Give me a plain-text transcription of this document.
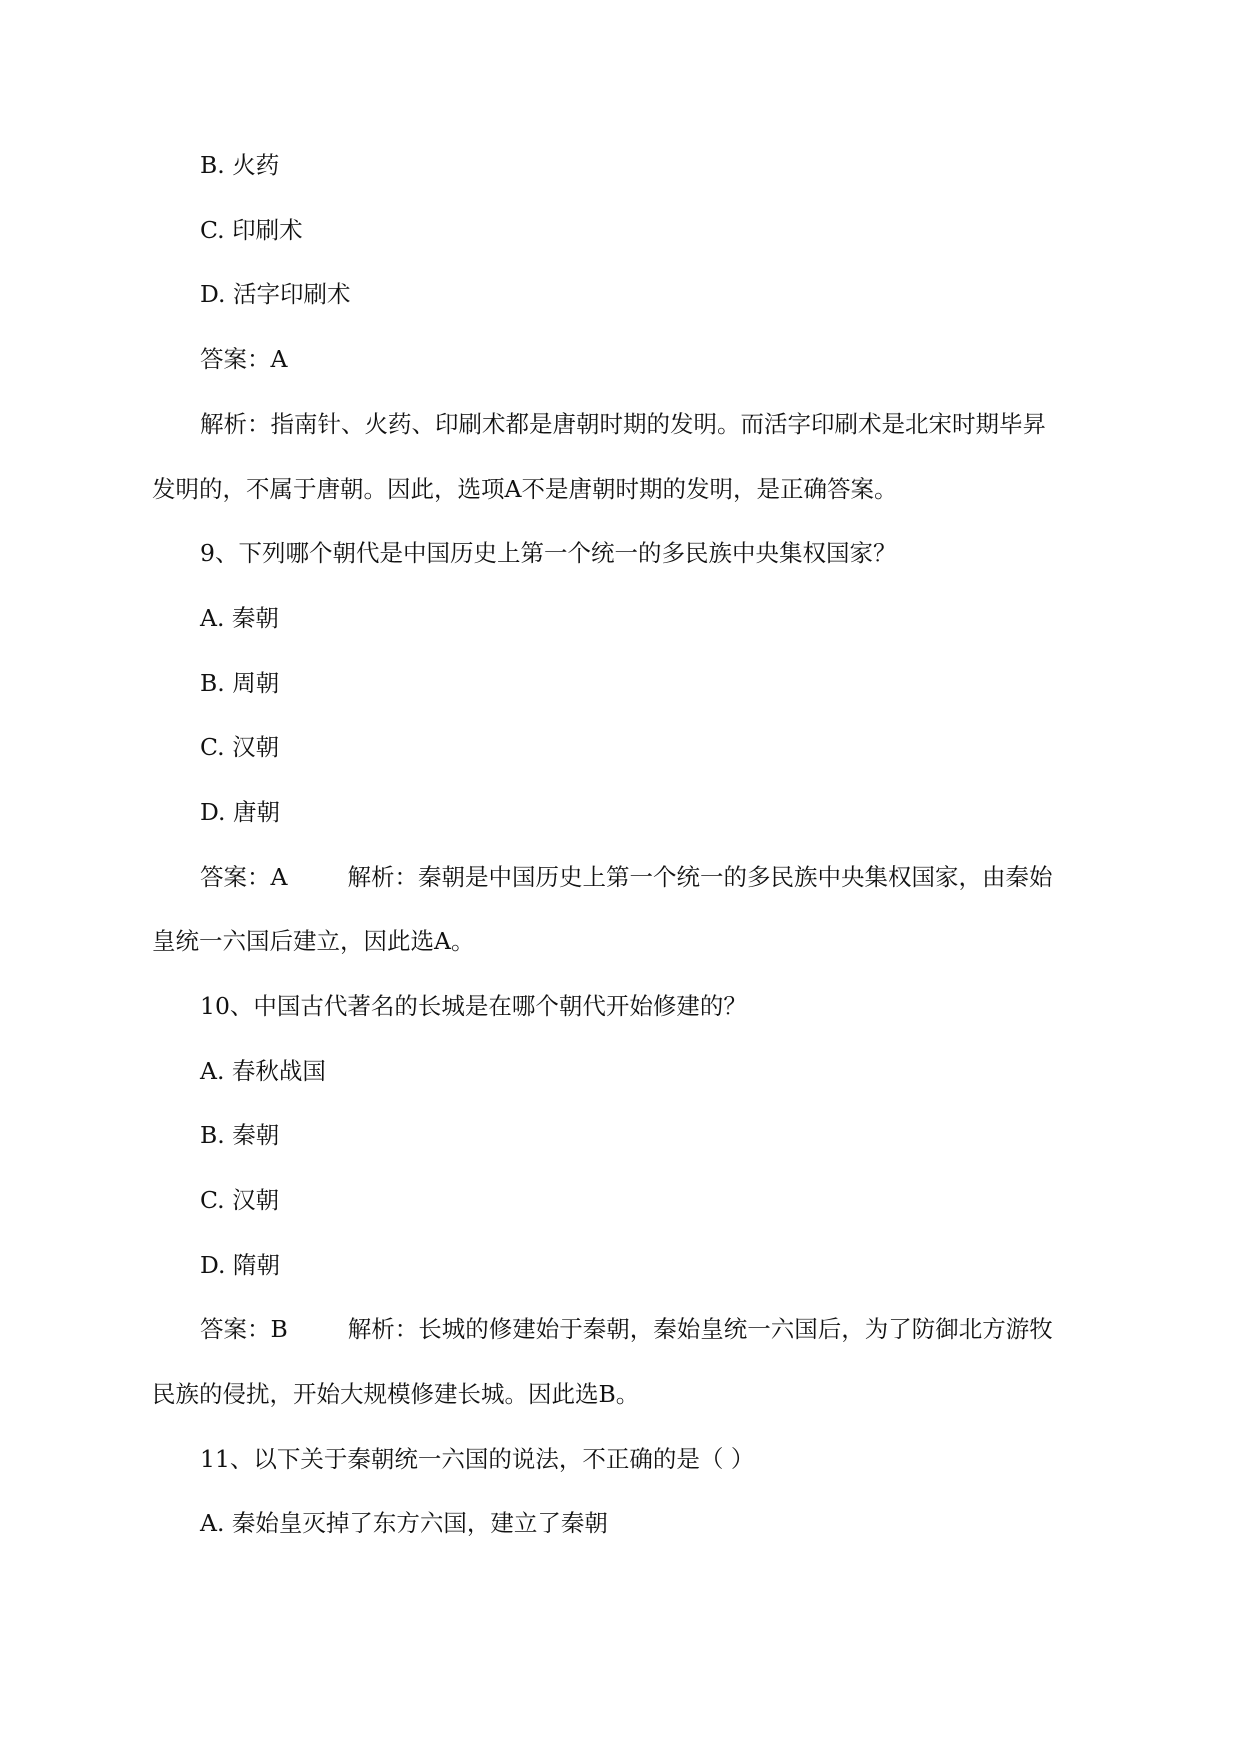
B. 火药
C. 印刷术
D. 活字印刷术
答案：A
解析：指南针、火药、印刷术都是唐朝时期的发明。而活字印刷术是北宋时期毕昇
发明的，不属于唐朝。因此，选项A不是唐朝时期的发明，是正确答案。
9、下列哪个朝代是中国历史上第一个统一的多民族中央集权国家？
A. 秦朝
B. 周朝
C. 汉朝
D. 唐朝
答案：A	解析：秦朝是中国历史上第一个统一的多民族中央集权国家，由秦始
皇统一六国后建立，因此选A。
10、中国古代著名的长城是在哪个朝代开始修建的？
A. 春秋战国
B. 秦朝
C. 汉朝
D. 隋朝
答案：B	解析：长城的修建始于秦朝，秦始皇统一六国后，为了防御北方游牧
民族的侵扰，开始大规模修建长城。因此选B。
11、以下关于秦朝统一六国的说法，不正确的是（ ）
A. 秦始皇灭掉了东方六国，建立了秦朝
